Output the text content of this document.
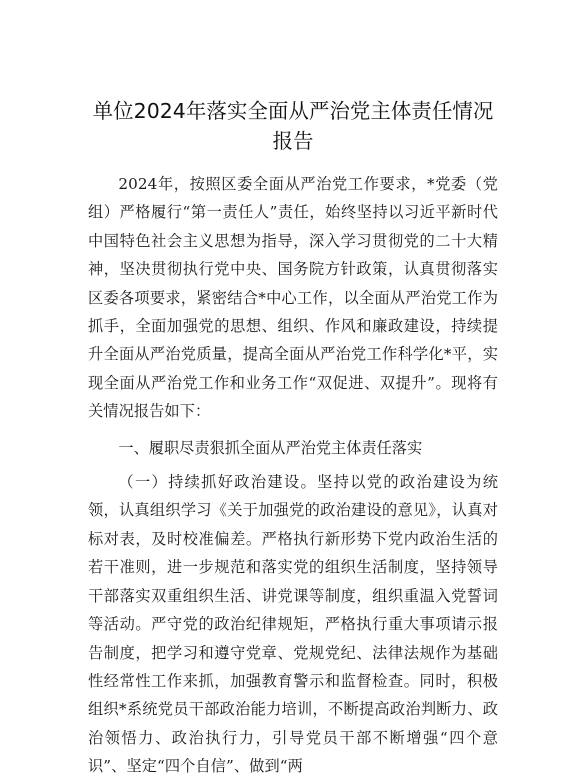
单位2024年落实全面从严治党主体责任情况报告

2024年，按照区委全面从严治党工作要求，*党委（党组）严格履行“第一责任人”责任，始终坚持以习近平新时代中国特色社会主义思想为指导，深入学习贯彻党的二十大精神，坚决贯彻执行党中央、国务院方针政策，认真贯彻落实区委各项要求，紧密结合*中心工作，以全面从严治党工作为抓手，全面加强党的思想、组织、作风和廉政建设，持续提升全面从严治党质量，提高全面从严治党工作科学化*平，实现全面从严治党工作和业务工作“双促进、双提升”。现将有关情况报告如下：

一、履职尽责狠抓全面从严治党主体责任落实

（一）持续抓好政治建设。坚持以党的政治建设为统领，认真组织学习《关于加强党的政治建设的意见》，认真对标对表，及时校准偏差。严格执行新形势下党内政治生活的若干准则，进一步规范和落实党的组织生活制度，坚持领导干部落实双重组织生活、讲党课等制度，组织重温入党誓词等活动。严守党的政治纪律规矩，严格执行重大事项请示报告制度，把学习和遵守党章、党规党纪、法律法规作为基础性经常性工作来抓，加强教育警示和监督检查。同时，积极组织*系统党员干部政治能力培训，不断提高政治判断力、政治领悟力、政治执行力，引导党员干部不断增强“四个意识”、坚定“四个自信”、做到“两
